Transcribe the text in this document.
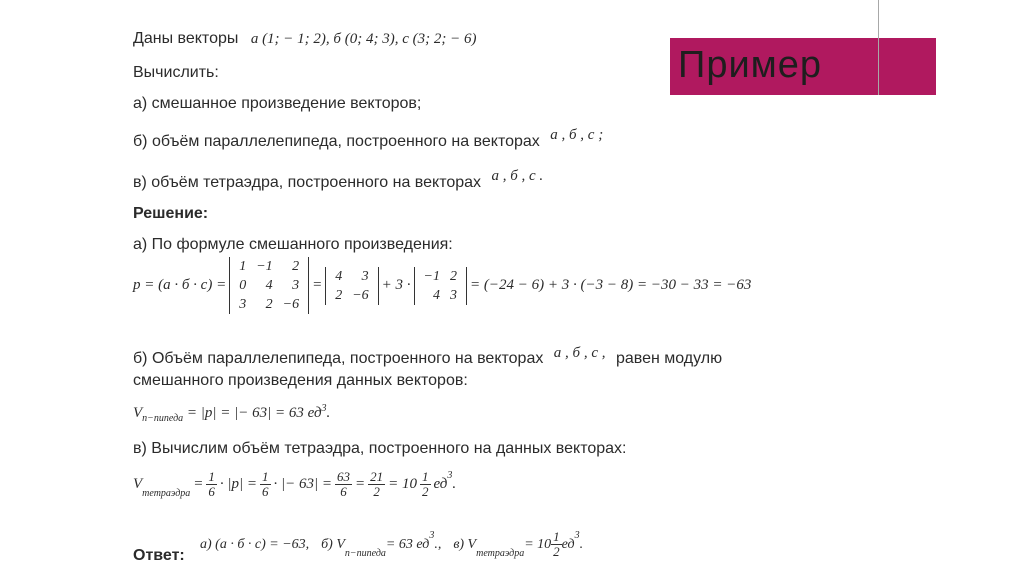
Пример
Даны векторы a (1; − 1; 2), б (0; 4; 3), c (3; 2; − 6)
Вычислить:
а) смешанное произведение векторов;
б) объём параллелепипеда, построенного на векторах a , б , c ;
в) объём тетраэдра, построенного на векторах a , б , c .
Решение:
а) По формуле смешанного произведения:
p = (a · б · c) =
1	−1	2
0	4	3
3	2	−6
=
4	3
2	−6
+ 3 ·
−1	2
4	3
= (−24 − 6) + 3 · (−3 − 8) = −30 − 33 = −63
б) Объём параллелепипеда, построенного на векторах a , б , c , равен модулю
смешанного произведения данных векторов:
$V_{п-пипеда} = |p|$ = |− 63| = 63 $ед^3$.
в) Вычислим объём тетраэдра, построенного на данных векторах:
V
$_{тетраэдра}$
= $\frac{1}{6} \cdot |p| = \frac{1}{6}$ · |− $63| = \frac{63}{6} = \frac{21}{2} = 10 \frac{1}{2}$ ед
$^3$
.
Ответ:
а) (a · б · c) = −63, б) V
$_{п-пипеда}$
= 63 ед
$^3$
., в) V
$_{тетраэдра}$
= $10 \frac{1}{2}$ ед
$^3$
.
